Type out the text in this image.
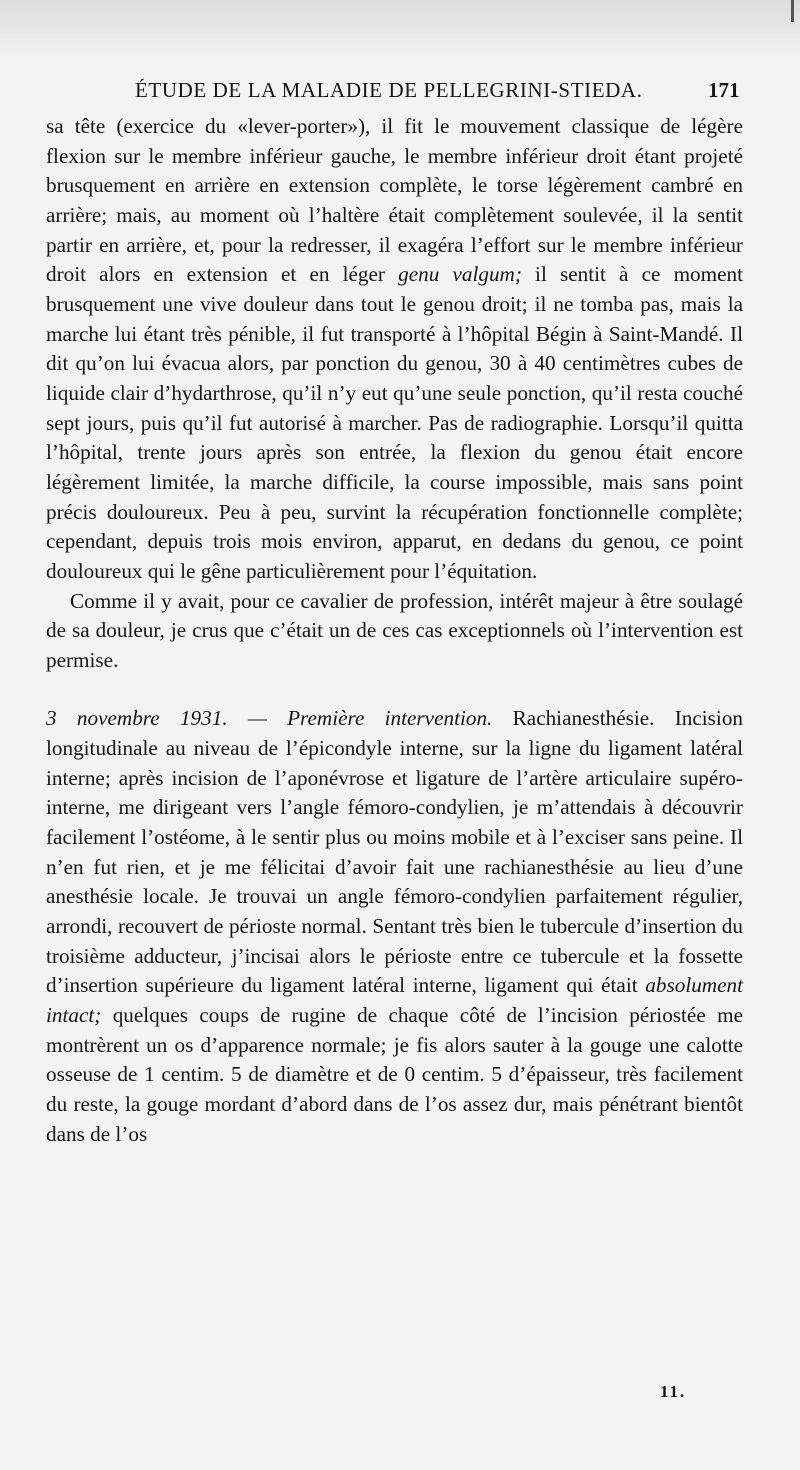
ÉTUDE DE LA MALADIE DE PELLEGRINI-STIEDA.	171

sa tête (exercice du «lever-porter»), il fit le mouvement classique de légère flexion sur le membre inférieur gauche, le membre inférieur droit étant projeté brusquement en arrière en extension complète, le torse légèrement cambré en arrière; mais, au moment où l’haltère était complètement soulevée, il la sentit partir en arrière, et, pour la redresser, il exagéra l’effort sur le membre inférieur droit alors en extension et en léger genu valgum; il sentit à ce moment brusquement une vive douleur dans tout le genou droit; il ne tomba pas, mais la marche lui étant très pénible, il fut transporté à l’hôpital Bégin à Saint-Mandé. Il dit qu’on lui évacua alors, par ponction du genou, 30 à 40 centimètres cubes de liquide clair d’hydarthrose, qu’il n’y eut qu’une seule ponction, qu’il resta couché sept jours, puis qu’il fut autorisé à marcher. Pas de radiographie. Lorsqu’il quitta l’hôpital, trente jours après son entrée, la flexion du genou était encore légèrement limitée, la marche difficile, la course impossible, mais sans point précis douloureux. Peu à peu, survint la récupération fonctionnelle complète; cependant, depuis trois mois environ, apparut, en dedans du genou, ce point douloureux qui le gêne particulièrement pour l’équitation.

Comme il y avait, pour ce cavalier de profession, intérêt majeur à être soulagé de sa douleur, je crus que c’était un de ces cas exceptionnels où l’intervention est permise.

3 novembre 1931. — Première intervention. Rachianesthésie. Incision longitudinale au niveau de l’épicondyle interne, sur la ligne du ligament latéral interne; après incision de l’aponévrose et ligature de l’artère articulaire supéro-interne, me dirigeant vers l’angle fémoro-condylien, je m’attendais à découvrir facilement l’ostéome, à le sentir plus ou moins mobile et à l’exciser sans peine. Il n’en fut rien, et je me félicitai d’avoir fait une rachianesthésie au lieu d’une anesthésie locale. Je trouvai un angle fémoro-condylien parfaitement régulier, arrondi, recouvert de périoste normal. Sentant très bien le tubercule d’insertion du troisième adducteur, j’incisai alors le périoste entre ce tubercule et la fossette d’insertion supérieure du ligament latéral interne, ligament qui était absolument intact; quelques coups de rugine de chaque côté de l’incision périostée me montrèrent un os d’apparence normale; je fis alors sauter à la gouge une calotte osseuse de 1 centim. 5 de diamètre et de 0 centim. 5 d’épaisseur, très facilement du reste, la gouge mordant d’abord dans de l’os assez dur, mais pénétrant bientôt dans de l’os

11.
